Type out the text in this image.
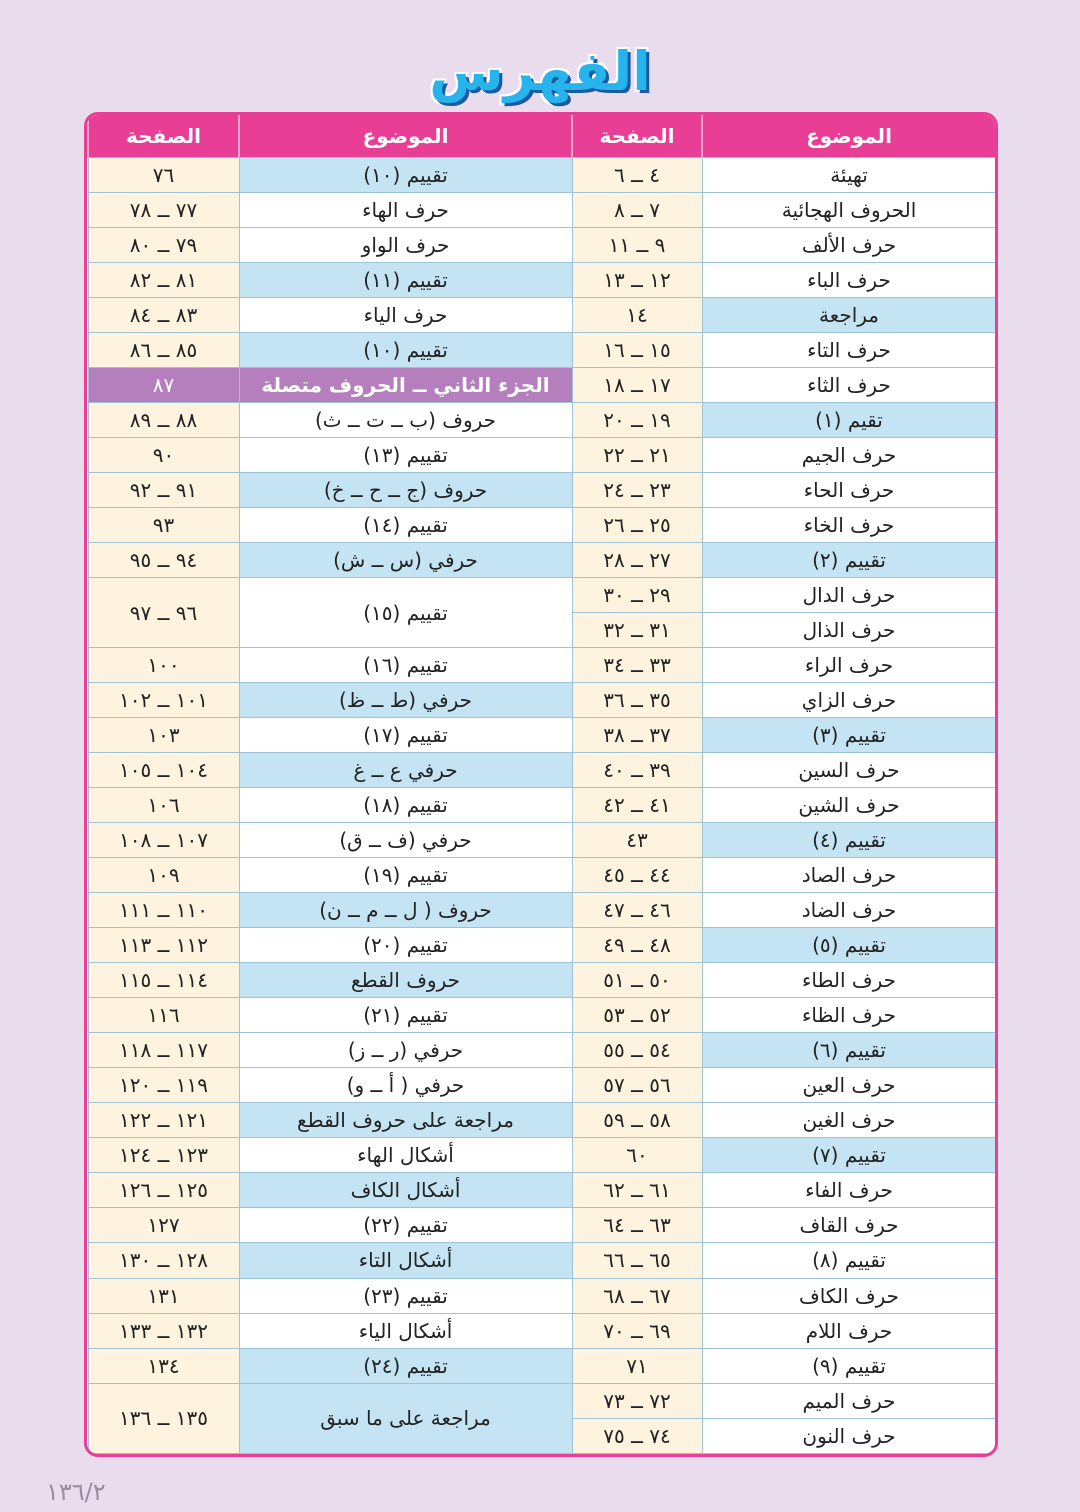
الفهرس
الموضوع	الصفحة	الموضوع	الصفحة
تهيئة	٤ ــ ٦	تقييم (١٠)	٧٦
الحروف الهجائية	٧ ــ ٨	حرف الهاء	٧٧ ــ ٧٨
حرف الألف	٩ ــ ١١	حرف الواو	٧٩ ــ ٨٠
حرف الباء	١٢ ــ ١٣	تقييم (١١)	٨١ ــ ٨٢
مراجعة	١٤	حرف الياء	٨٣ ــ ٨٤
حرف التاء	١٥ ــ ١٦	تقييم (١٠)	٨٥ ــ ٨٦
حرف الثاء	١٧ ــ ١٨	الجزء الثاني ــ الحروف متصلة	٨٧
تقيم (١)	١٩ ــ ٢٠	حروف (ب ــ ت ــ ث)	٨٨ ــ ٨٩
حرف الجيم	٢١ ــ ٢٢	تقييم (١٣)	٩٠
حرف الحاء	٢٣ ــ ٢٤	حروف (ج ــ ح ــ خ)	٩١ ــ ٩٢
حرف الخاء	٢٥ ــ ٢٦	تقييم (١٤)	٩٣
تقييم (٢)	٢٧ ــ ٢٨	حرفي (س ــ ش)	٩٤ ــ ٩٥
حرف الدال	٢٩ ــ ٣٠	تقييم (١٥)	٩٦ ــ ٩٧
حرف الذال	٣١ ــ ٣٢		
حرف الراء	٣٣ ــ ٣٤	تقييم (١٦)	١٠٠
حرف الزاي	٣٥ ــ ٣٦	حرفي (ط ــ ظ)	١٠١ ــ ١٠٢
تقييم (٣)	٣٧ ــ ٣٨	تقييم (١٧)	١٠٣
حرف السين	٣٩ ــ ٤٠	حرفي ع ــ غ	١٠٤ ــ ١٠٥
حرف الشين	٤١ ــ ٤٢	تقييم (١٨)	١٠٦
تقييم (٤)	٤٣	حرفي (ف ــ ق)	١٠٧ ــ ١٠٨
حرف الصاد	٤٤ ــ ٤٥	تقييم (١٩)	١٠٩
حرف الضاد	٤٦ ــ ٤٧	حروف ( ل ــ م ــ ن)	١١٠ ــ ١١١
تقييم (٥)	٤٨ ــ ٤٩	تقييم (٢٠)	١١٢ ــ ١١٣
حرف الطاء	٥٠ ــ ٥١	حروف القطع	١١٤ ــ ١١٥
حرف الظاء	٥٢ ــ ٥٣	تقييم (٢١)	١١٦
تقييم (٦)	٥٤ ــ ٥٥	حرفي (ر ــ ز)	١١٧ ــ ١١٨
حرف العين	٥٦ ــ ٥٧	حرفي ( أ ــ و)	١١٩ ــ ١٢٠
حرف الغين	٥٨ ــ ٥٩	مراجعة على حروف القطع	١٢١ ــ ١٢٢
تقييم (٧)	٦٠	أشكال الهاء	١٢٣ ــ ١٢٤
حرف الفاء	٦١ ــ ٦٢	أشكال الكاف	١٢٥ ــ ١٢٦
حرف القاف	٦٣ ــ ٦٤	تقييم (٢٢)	١٢٧
تقييم (٨)	٦٥ ــ ٦٦	أشكال التاء	١٢٨ ــ ١٣٠
حرف الكاف	٦٧ ــ ٦٨	تقييم (٢٣)	١٣١
حرف اللام	٦٩ ــ ٧٠	أشكال الياء	١٣٢ ــ ١٣٣
تقييم (٩)	٧١	تقييم (٢٤)	١٣٤
حرف الميم	٧٢ ــ ٧٣	مراجعة على ما سبق	١٣٥ ــ ١٣٦
حرف النون	٧٤ ــ ٧٥		
١٣٦/٢
